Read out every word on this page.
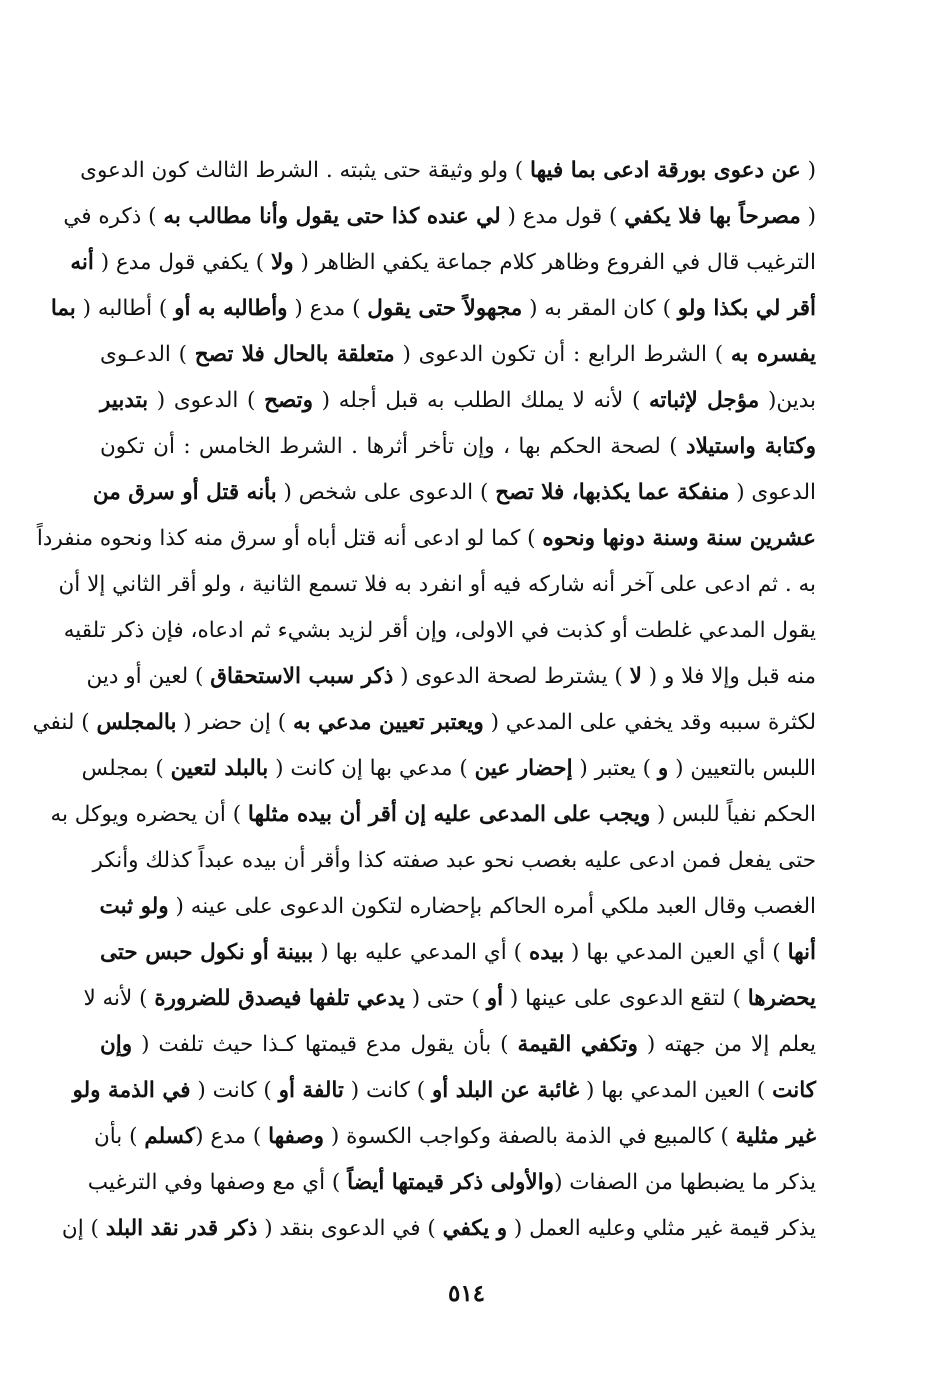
( عن دعوى بورقة ادعى بما فيها ) ولو وثيقة حتى يثبته . الشرط الثالث كون الدعوى
( مصرحاً بها فلا يكفي ) قول مدع ( لي عنده كذا حتى يقول وأنا مطالب به ) ذكره في
الترغيب قال في الفروع وظاهر كلام جماعة يكفي الظاهر ( ولا ) يكفي قول مدع ( أنه
أقر لي بكذا ولو ) كان المقر به ( مجهولاً حتى يقول ) مدع ( وأطالبه به أو ) أطالبه ( بما
يفسره به ) الشرط الرابع : أن تكون الدعوى ( متعلقة بالحال فلا تصح ) الدعـوى
بدين( مؤجل لإثباته ) لأنه لا يملك الطلب به قبل أجله ( وتصح ) الدعوى ( بتدبير
وكتابة واستيلاد ) لصحة الحكم بها ، وإن تأخر أثرها . الشرط الخامس : أن تكون
الدعوى ( منفكة عما يكذبها، فلا تصح ) الدعوى على شخص ( بأنه قتل أو سرق من
عشرين سنة وسنة دونها ونحوه ) كما لو ادعى أنه قتل أباه أو سرق منه كذا ونحوه منفرداً
به . ثم ادعى على آخر أنه شاركه فيه أو انفرد به فلا تسمع الثانية ، ولو أقر الثاني إلا أن
يقول المدعي غلطت أو كذبت في الاولى، وإن أقر لزيد بشيء ثم ادعاه، فإن ذكر تلقيه
منه قبل وإلا فلا و ( لا ) يشترط لصحة الدعوى ( ذكر سبب الاستحقاق ) لعين أو دين
لكثرة سببه وقد يخفي على المدعي ( ويعتبر تعيين مدعي به ) إن حضر ( بالمجلس ) لنفي
اللبس بالتعيين ( و ) يعتبر ( إحضار عين ) مدعي بها إن كانت ( بالبلد لتعين ) بمجلس
الحكم نفياً للبس ( ويجب على المدعى عليه إن أقر أن بيده مثلها ) أن يحضره ويوكل به
حتى يفعل فمن ادعى عليه بغصب نحو عبد صفته كذا وأقر أن بيده عبداً كذلك وأنكر
الغصب وقال العبد ملكي أمره الحاكم بإحضاره لتكون الدعوى على عينه ( ولو ثبت
أنها ) أي العين المدعي بها ( بيده ) أي المدعي عليه بها ( ببينة أو نكول حبس حتى
يحضرها ) لتقع الدعوى على عينها ( أو ) حتى ( يدعي تلفها فيصدق للضرورة ) لأنه لا
يعلم إلا من جهته ( وتكفي القيمة ) بأن يقول مدع قيمتها كـذا حيث تلفت ( وإن
كانت ) العين المدعي بها ( غائبة عن البلد أو ) كانت ( تالفة أو ) كانت ( في الذمة ولو
غير مثلية ) كالمبيع في الذمة بالصفة وكواجب الكسوة ( وصفها ) مدع (كسلم ) بأن
يذكر ما يضبطها من الصفات (والأولى ذكر قيمتها أيضاً ) أي مع وصفها وفي الترغيب
يذكر قيمة غير مثلي وعليه العمل ( و يكفي ) في الدعوى بنقد ( ذكر قدر نقد البلد ) إن
٥١٤
